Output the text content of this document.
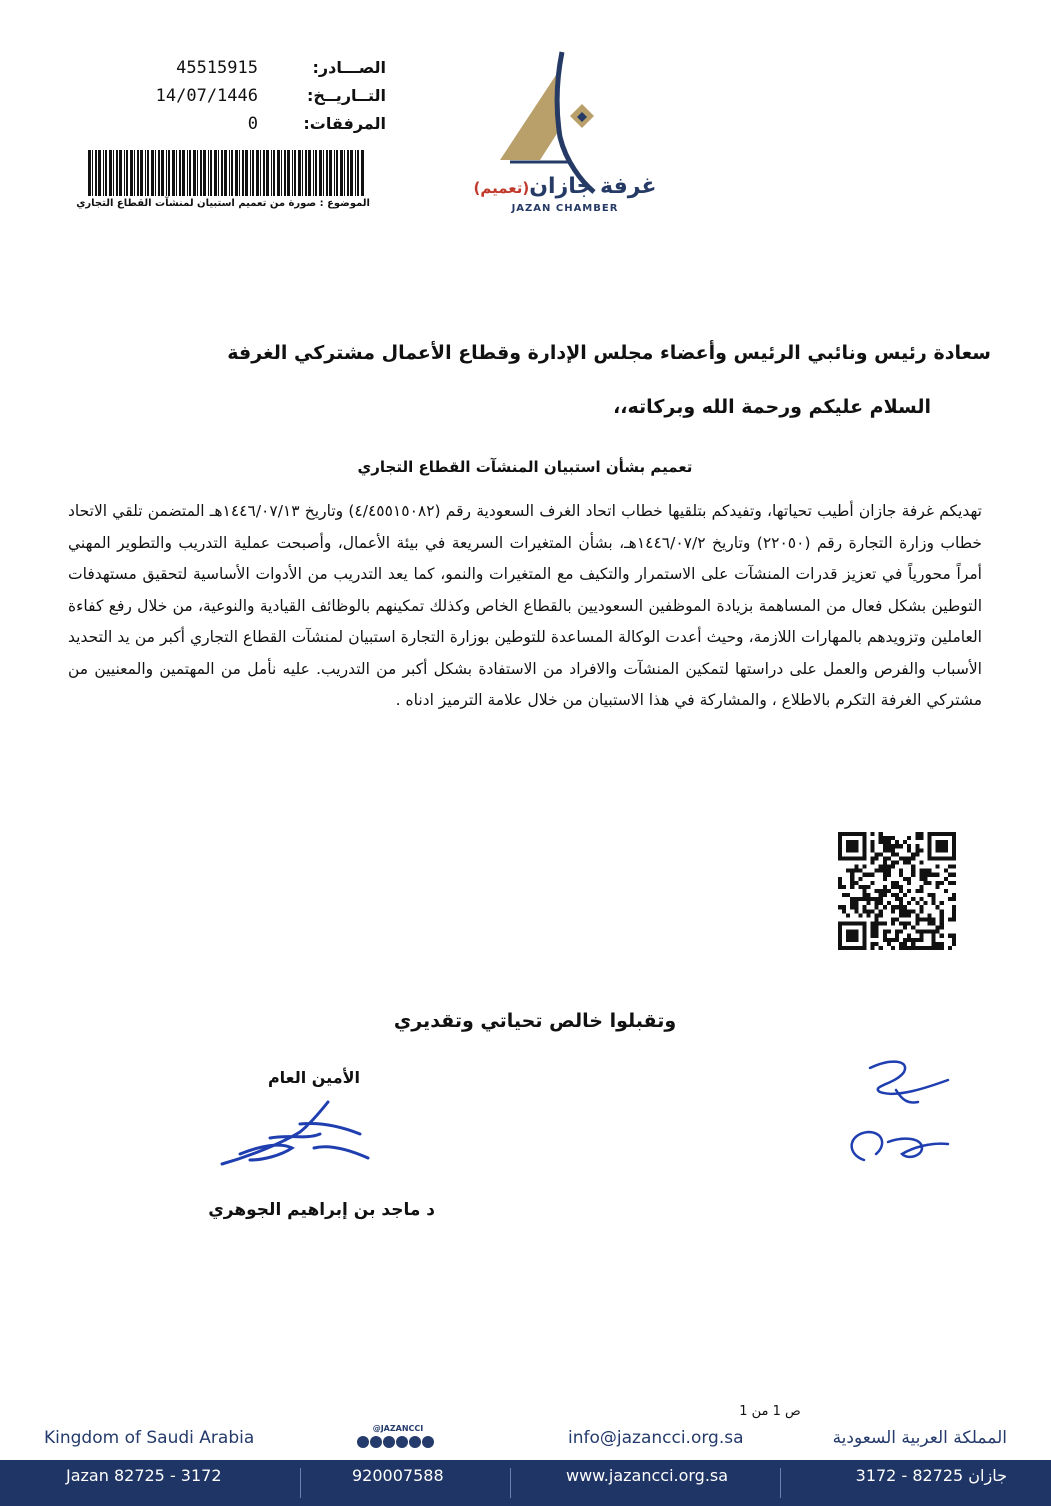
45515915	الصـــادر:
14/07/1446	التــاريــخ:
0	المرفقات:
الموضوع : صورة من تعميم استبيان لمنشآت القطاع التجاري
غرفة جازان(تعميم)
JAZAN CHAMBER
سعادة رئيس ونائبي الرئيس وأعضاء مجلس الإدارة وقطاع الأعمال مشتركي الغرفة
السلام عليكم ورحمة الله وبركاته،،
تعميم بشأن استبيان المنشآت القطاع التجاري
تهديكم غرفة جازان أطيب تحياتها، وتفيدكم بتلقيها خطاب اتحاد الغرف السعودية رقم (٤/٤٥٥١٥٠٨٢) وتاريخ ١٤٤٦/٠٧/١٣هـ المتضمن تلقي الاتحاد خطاب وزارة التجارة رقم (٢٢٠٥٠) وتاريخ ١٤٤٦/٠٧/٢هـ، بشأن المتغيرات السريعة في بيئة الأعمال، وأصبحت عملية التدريب والتطوير المهني أمراً محورياً في تعزيز قدرات المنشآت على الاستمرار والتكيف مع المتغيرات والنمو، كما يعد التدريب من الأدوات الأساسية لتحقيق مستهدفات التوطين بشكل فعال من المساهمة بزيادة الموظفين السعوديين بالقطاع الخاص وكذلك تمكينهم بالوظائف القيادية والنوعية، من خلال رفع كفاءة العاملين وتزويدهم بالمهارات اللازمة، وحيث أعدت الوكالة المساعدة للتوطين بوزارة التجارة استبيان لمنشآت القطاع التجاري أكبر من يد التحديد الأسباب والفرص والعمل على دراستها لتمكين المنشآت والافراد من الاستفادة بشكل أكبر من التدريب. عليه نأمل من المهتمين والمعنيين من مشتركي الغرفة التكرم بالاطلاع ، والمشاركة في هذا الاستبيان من خلال علامة الترميز ادناه .
وتقبلوا خالص تحياتي وتقديري
الأمين العام
د ماجد بن إبراهيم الجوهري
ص 1 من 1
Kingdom of Saudi Arabia	@JAZANCCI	info@jazancci.org.sa	المملكة العربية السعودية
Jazan 82725 - 3172	920007588	www.jazancci.org.sa	جازان 82725 - 3172
